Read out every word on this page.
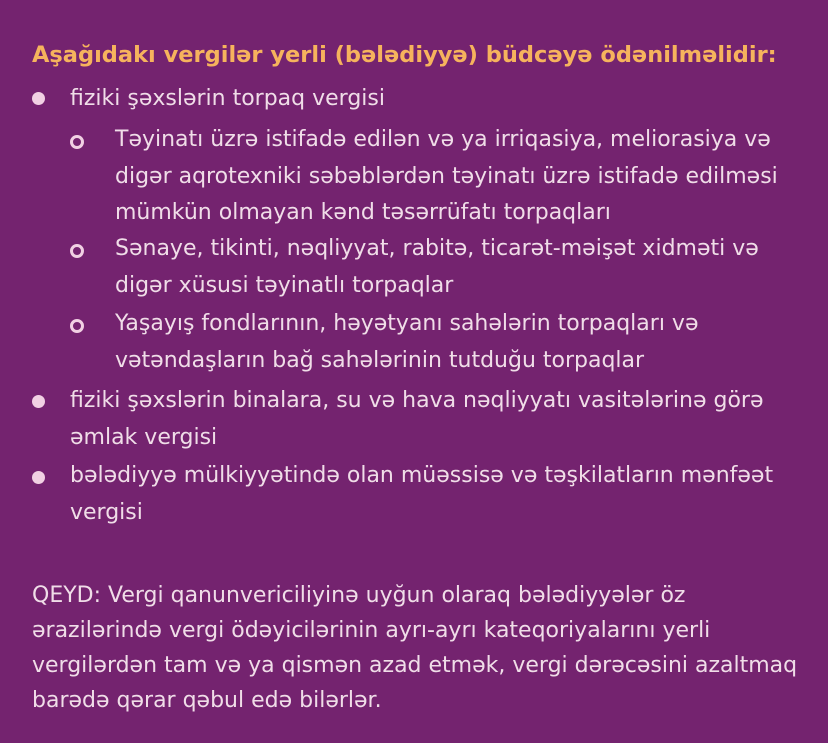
Aşağıdakı vergilər yerli (bələdiyyə) büdcəyə ödənilməlidir:
fiziki şəxslərin torpaq vergisi
Təyinatı üzrə istifadə edilən və ya irriqasiya, meliorasiya və digər aqrotexniki səbəblərdən təyinatı üzrə istifadə edilməsi mümkün olmayan kənd təsərrüfatı torpaqları
Sənaye, tikinti, nəqliyyat, rabitə, ticarət-məişət xidməti və digər xüsusi təyinatlı torpaqlar
Yaşayış fondlarının, həyətyanı sahələrin torpaqları və vətəndaşların bağ sahələrinin tutduğu torpaqlar
fiziki şəxslərin binalara, su və hava nəqliyyatı vasitələrinə görə əmlak vergisi
bələdiyyə mülkiyyətində olan müəssisə və təşkilatların mənfəət vergisi
QEYD: Vergi qanunvericiliyinə uyğun olaraq bələdiyyələr öz ərazilərində vergi ödəyicilərinin ayrı-ayrı kateqoriyalarını yerli vergilərdən tam və ya qismən azad etmək, vergi dərəcəsini azaltmaq barədə qərar qəbul edə bilərlər.
